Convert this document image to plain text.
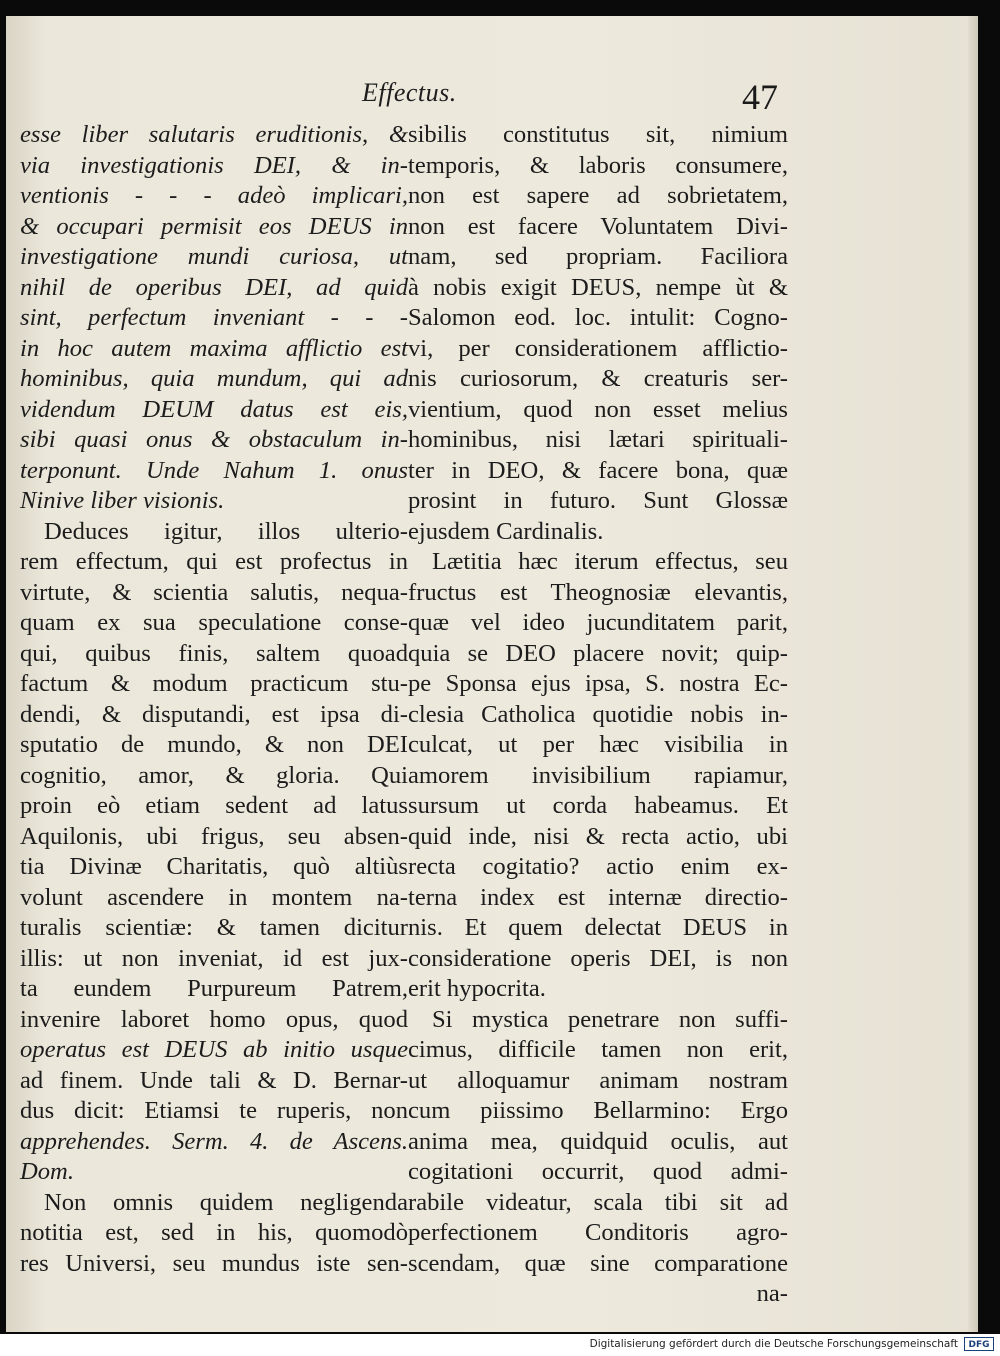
Effectus.	47
esse liber salutaris eruditionis, &
via investigationis DEI, & in-
ventionis - - - adeò implicari,
& occupari permisit eos DEUS in
investigatione mundi curiosa, ut
nihil de operibus DEI, ad quid
sint, perfectum inveniant - - -
in hoc autem maxima afflictio est
hominibus, quia mundum, qui ad
videndum DEUM datus est eis,
sibi quasi onus & obstaculum in-
terponunt. Unde Nahum 1. onus
Ninive liber visionis.
Deduces igitur, illos ulterio-
rem effectum, qui est profectus in
virtute, & scientia salutis, nequa-
quam ex sua speculatione conse-
qui, quibus finis, saltem quoad
factum & modum practicum stu-
dendi, & disputandi, est ipsa di-
sputatio de mundo, & non DEI
cognitio, amor, & gloria. Qui
proin eò etiam sedent ad latus
Aquilonis, ubi frigus, seu absen-
tia Divinæ Charitatis, quò altiùs
volunt ascendere in montem na-
turalis scientiæ: & tamen dicitur
illis: ut non inveniat, id est jux-
ta eundem Purpureum Patrem,
invenire laboret homo opus, quod
operatus est DEUS ab initio usque
ad finem. Unde tali & D. Bernar-
dus dicit: Etiamsi te ruperis, non
apprehendes. Serm. 4. de Ascens.
Dom.
Non omnis quidem negligenda
notitia est, sed in his, quomodò
res Universi, seu mundus iste sen-
sibilis constitutus sit, nimium
temporis, & laboris consumere,
non est sapere ad sobrietatem,
non est facere Voluntatem Divi-
nam, sed propriam. Faciliora
à nobis exigit DEUS, nempe ùt &
Salomon eod. loc. intulit: Cogno-
vi, per considerationem afflictio-
nis curiosorum, & creaturis ser-
vientium, quod non esset melius
hominibus, nisi lætari spirituali-
ter in DEO, & facere bona, quæ
prosint in futuro. Sunt Glossæ
ejusdem Cardinalis.
Lætitia hæc iterum effectus, seu
fructus est Theognosiæ elevantis,
quæ vel ideo jucunditatem parit,
quia se DEO placere novit; quip-
pe Sponsa ejus ipsa, S. nostra Ec-
clesia Catholica quotidie nobis in-
culcat, ut per hæc visibilia in
amorem invisibilium rapiamur,
sursum ut corda habeamus. Et
quid inde, nisi & recta actio, ubi
recta cogitatio? actio enim ex-
terna index est internæ directio-
nis. Et quem delectat DEUS in
consideratione operis DEI, is non
erit hypocrita.
Si mystica penetrare non suffi-
cimus, difficile tamen non erit,
ut alloquamur animam nostram
cum piissimo Bellarmino: Ergo
anima mea, quidquid oculis, aut
cogitationi occurrit, quod admi-
rabile videatur, scala tibi sit ad
perfectionem Conditoris agro-
scendam, quæ sine comparatione
na-
Digitalisierung gefördert durch die Deutsche Forschungsgemeinschaft	DFG
